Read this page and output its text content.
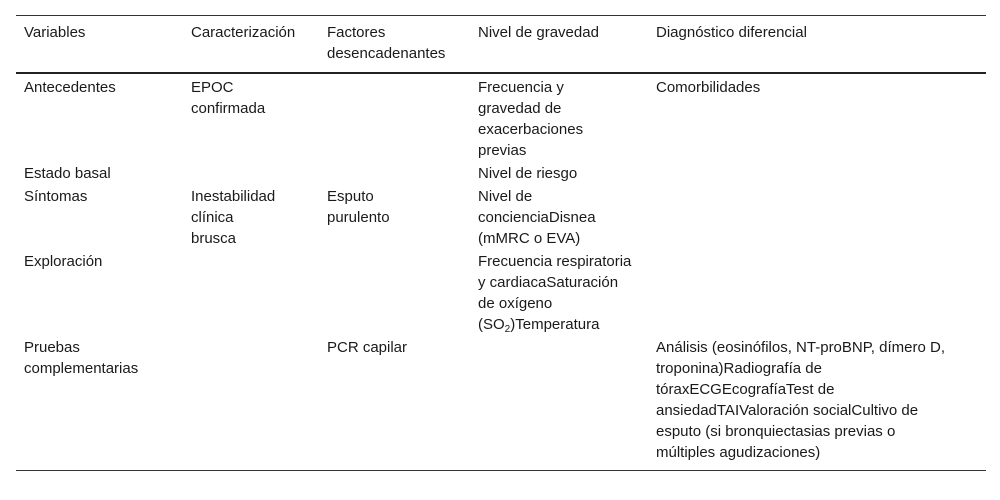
Variables	Caracterización	Factores desencadenantes	Nivel de gravedad	Diagnóstico diferencial
Antecedentes	EPOC confirmada		Frecuencia y gravedad de exacerbaciones previas	Comorbilidades
Estado basal			Nivel de riesgo	
Síntomas	Inestabilidad clínica brusca	Esputo purulento	Nivel de concienciaDisnea (mMRC o EVA)	
Exploración			Frecuencia respiratoria y cardiacaSaturación de oxígeno $(SO_2)Temperatura$	
Pruebas complementarias		PCR capilar		Análisis (eosinófilos, NT-proBNP, dímero D, troponina)Radiografía de tóraxECGEcografíaTest de ansiedadTAIValoración socialCultivo de esputo (si bronquiectasias previas o múltiples agudizaciones)
